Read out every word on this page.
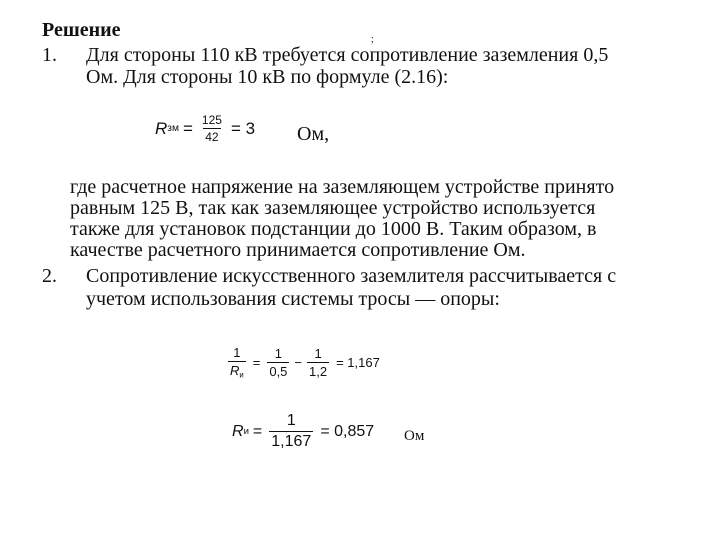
Решение	;
1. Для стороны 110 кВ требуется сопротивление заземления 0,5
Ом. Для стороны 10 кВ по формуле (2.16):
R зм = $\frac{125}{42} = 3$ Ом,
где расчетное напряжение на заземляющем устройстве принято
равным 125 В, так как заземляющее устройство используется
также для установок подстанции до 1000 В. Таким образом, в
качестве расчетного принимается сопротивление Ом.
2. Сопротивление искусственного заземлителя рассчитывается с
учетом использования системы тросы — опоры:
$\frac{1}{R_и} = \frac{1}{0,5} - \frac{1}{1,2} = 1,167$
R $и = \frac{1}{1,167} = 0,857$ Ом
